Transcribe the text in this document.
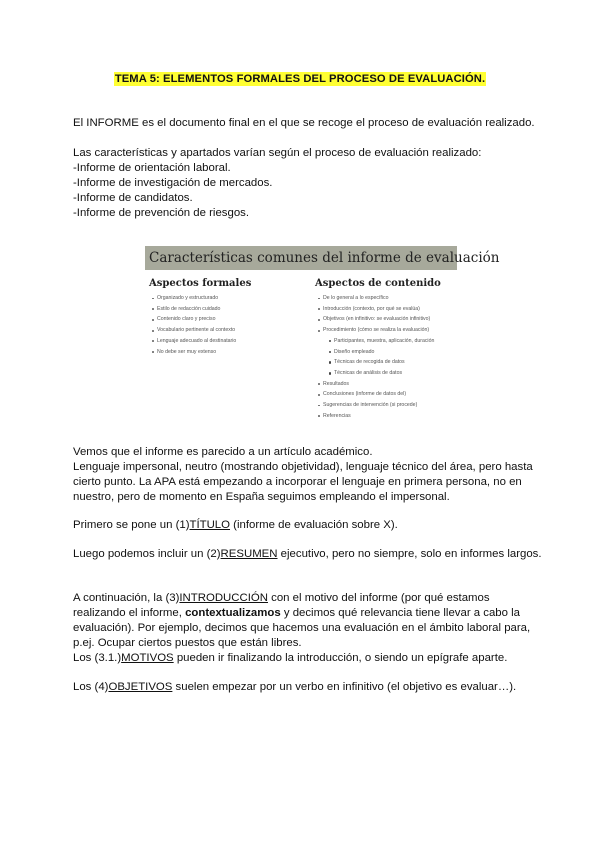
TEMA 5: ELEMENTOS FORMALES DEL PROCESO DE EVALUACIÓN.

El INFORME es el documento final en el que se recoge el proceso de evaluación realizado.

Las características y apartados varían según el proceso de evaluación realizado:
-Informe de orientación laboral.
-Informe de investigación de mercados.
-Informe de candidatos.
-Informe de prevención de riesgos.

Características comunes del informe de evaluación
Aspectos formales
Organizado y estructurado
Estilo de redacción cuidado
Contenido claro y preciso
Vocabulario pertinente al contexto
Lenguaje adecuado al destinatario
No debe ser muy extenso
Aspectos de contenido
De lo general a lo específico
Introducción (contexto, por qué se evalúa)
Objetivos (en infinitivo: se evaluación infinitivo)
Procedimiento (cómo se realiza la evaluación)
Participantes, muestra, aplicación, duración
Diseño empleado
Técnicas de recogida de datos
Técnicas de análisis de datos
Resultados
Conclusiones (informe de datos del)
Sugerencias de intervención (si procede)
Referencias

Vemos que el informe es parecido a un artículo académico.
Lenguaje impersonal, neutro (mostrando objetividad), lenguaje técnico del área, pero hasta cierto punto. La APA está empezando a incorporar el lenguaje en primera persona, no en nuestro, pero de momento en España seguimos empleando el impersonal.

Primero se pone un (1)TÍTULO (informe de evaluación sobre X).

Luego podemos incluir un (2)RESUMEN ejecutivo, pero no siempre, solo en informes largos.

A continuación, la (3)INTRODUCCIÓN con el motivo del informe (por qué estamos realizando el informe, contextualizamos y decimos qué relevancia tiene llevar a cabo la evaluación). Por ejemplo, decimos que hacemos una evaluación en el ámbito laboral para, p.ej. Ocupar ciertos puestos que están libres.
Los (3.1.)MOTIVOS pueden ir finalizando la introducción, o siendo un epígrafe aparte.

Los (4)OBJETIVOS suelen empezar por un verbo en infinitivo (el objetivo es evaluar…).
